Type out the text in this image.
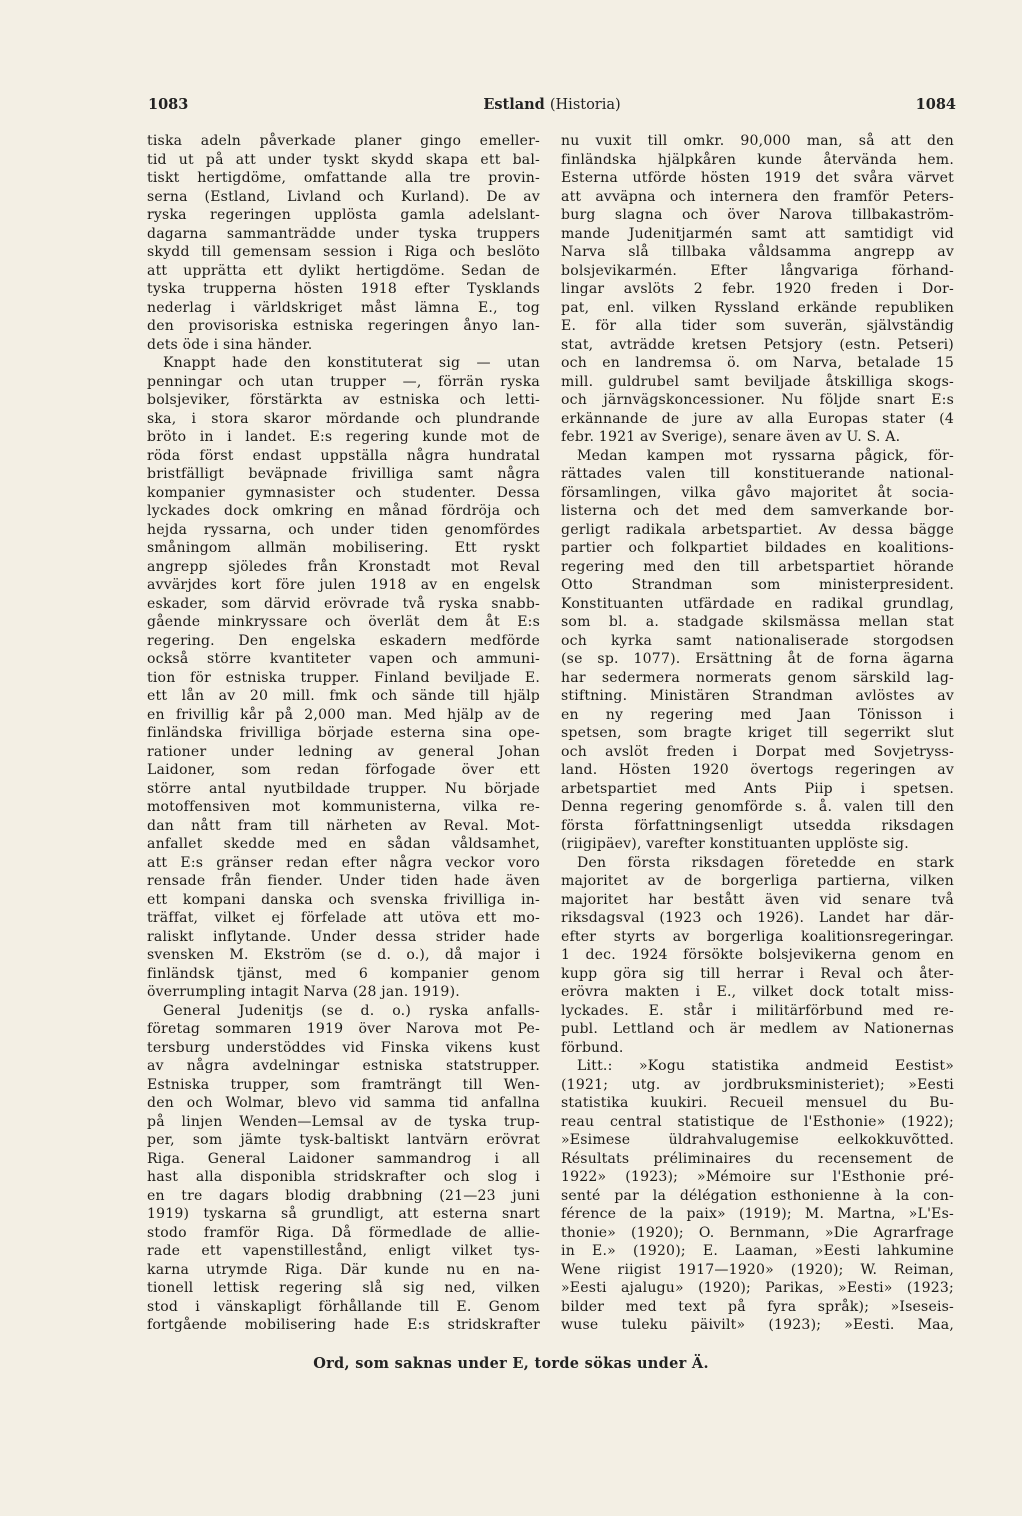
1083	Estland (Historia)	1084
tiska adeln påverkade planer gingo emeller-
tid ut på att under tyskt skydd skapa ett bal-
tiskt hertigdöme, omfattande alla tre provin-
serna (Estland, Livland och Kurland). De av
ryska regeringen upplösta gamla adelslant-
dagarna sammanträdde under tyska truppers
skydd till gemensam session i Riga och beslöto
att upprätta ett dylikt hertigdöme. Sedan de
tyska trupperna hösten 1918 efter Tysklands
nederlag i världskriget måst lämna E., tog
den provisoriska estniska regeringen ånyo lan-
dets öde i sina händer.
Knappt hade den konstituterat sig — utan
penningar och utan trupper —, förrän ryska
bolsjeviker, förstärkta av estniska och letti-
ska, i stora skaror mördande och plundrande
bröto in i landet. E:s regering kunde mot de
röda först endast uppställa några hundratal
bristfälligt beväpnade frivilliga samt några
kompanier gymnasister och studenter. Dessa
lyckades dock omkring en månad fördröja och
hejda ryssarna, och under tiden genomfördes
småningom allmän mobilisering. Ett ryskt
angrepp sjöledes från Kronstadt mot Reval
avvärjdes kort före julen 1918 av en engelsk
eskader, som därvid erövrade två ryska snabb-
gående minkryssare och överlät dem åt E:s
regering. Den engelska eskadern medförde
också större kvantiteter vapen och ammuni-
tion för estniska trupper. Finland beviljade E.
ett lån av 20 mill. fmk och sände till hjälp
en frivillig kår på 2,000 man. Med hjälp av de
finländska frivilliga började esterna sina ope-
rationer under ledning av general Johan
Laidoner, som redan förfogade över ett
större antal nyutbildade trupper. Nu började
motoffensiven mot kommunisterna, vilka re-
dan nått fram till närheten av Reval. Mot-
anfallet skedde med en sådan våldsamhet,
att E:s gränser redan efter några veckor voro
rensade från fiender. Under tiden hade även
ett kompani danska och svenska frivilliga in-
träffat, vilket ej förfelade att utöva ett mo-
raliskt inflytande. Under dessa strider hade
svensken M. Ekström (se d. o.), då major i
finländsk tjänst, med 6 kompanier genom
överrumpling intagit Narva (28 jan. 1919).
General Judenitjs (se d. o.) ryska anfalls-
företag sommaren 1919 över Narova mot Pe-
tersburg understöddes vid Finska vikens kust
av några avdelningar estniska statstrupper.
Estniska trupper, som framträngt till Wen-
den och Wolmar, blevo vid samma tid anfallna
på linjen Wenden—Lemsal av de tyska trup-
per, som jämte tysk-baltiskt lantvärn erövrat
Riga. General Laidoner sammandrog i all
hast alla disponibla stridskrafter och slog i
en tre dagars blodig drabbning (21—23 juni
1919) tyskarna så grundligt, att esterna snart
stodo framför Riga. Då förmedlade de allie-
rade ett vapenstillestånd, enligt vilket tys-
karna utrymde Riga. Där kunde nu en na-
tionell lettisk regering slå sig ned, vilken
stod i vänskapligt förhållande till E. Genom
fortgående mobilisering hade E:s stridskrafter
nu vuxit till omkr. 90,000 man, så att den
finländska hjälpkåren kunde återvända hem.
Esterna utförde hösten 1919 det svåra värvet
att avväpna och internera den framför Peters-
burg slagna och över Narova tillbakaström-
mande Judenitjarmén samt att samtidigt vid
Narva slå tillbaka våldsamma angrepp av
bolsjevikarmén. Efter långvariga förhand-
lingar avslöts 2 febr. 1920 freden i Dor-
pat, enl. vilken Ryssland erkände republiken
E. för alla tider som suverän, självständig
stat, avträdde kretsen Petsjory (estn. Petseri)
och en landremsa ö. om Narva, betalade 15
mill. guldrubel samt beviljade åtskilliga skogs-
och järnvägskoncessioner. Nu följde snart E:s
erkännande de jure av alla Europas stater (4
febr. 1921 av Sverige), senare även av U. S. A.
Medan kampen mot ryssarna pågick, för-
rättades valen till konstituerande national-
församlingen, vilka gåvo majoritet åt socia-
listerna och det med dem samverkande bor-
gerligt radikala arbetspartiet. Av dessa bägge
partier och folkpartiet bildades en koalitions-
regering med den till arbetspartiet hörande
Otto Strandman som ministerpresident.
Konstituanten utfärdade en radikal grundlag,
som bl. a. stadgade skilsmässa mellan stat
och kyrka samt nationaliserade storgodsen
(se sp. 1077). Ersättning åt de forna ägarna
har sedermera normerats genom särskild lag-
stiftning. Ministären Strandman avlöstes av
en ny regering med Jaan Tönisson i
spetsen, som bragte kriget till segerrikt slut
och avslöt freden i Dorpat med Sovjetryss-
land. Hösten 1920 övertogs regeringen av
arbetspartiet med Ants Piip i spetsen.
Denna regering genomförde s. å. valen till den
första författningsenligt utsedda riksdagen
(riigipäev), varefter konstituanten upplöste sig.
Den första riksdagen företedde en stark
majoritet av de borgerliga partierna, vilken
majoritet har bestått även vid senare två
riksdagsval (1923 och 1926). Landet har där-
efter styrts av borgerliga koalitionsregeringar.
1 dec. 1924 försökte bolsjevikerna genom en
kupp göra sig till herrar i Reval och åter-
erövra makten i E., vilket dock totalt miss-
lyckades. E. står i militärförbund med re-
publ. Lettland och är medlem av Nationernas
förbund.
Litt.: »Kogu statistika andmeid Eestist»
(1921; utg. av jordbruksministeriet); »Eesti
statistika kuukiri. Recueil mensuel du Bu-
reau central statistique de l'Esthonie» (1922);
»Esimese üldrahvalugemise eelkokkuvõtted.
Résultats préliminaires du recensement de
1922» (1923); »Mémoire sur l'Esthonie pré-
senté par la délégation esthonienne à la con-
férence de la paix» (1919); M. Martna, »L'Es-
thonie» (1920); O. Bernmann, »Die Agrarfrage
in E.» (1920); E. Laaman, »Eesti lahkumine
Wene riigist 1917—1920» (1920); W. Reiman,
»Eesti ajalugu» (1920); Parikas, »Eesti» (1923;
bilder med text på fyra språk); »Iseseis-
wuse tuleku päivilt» (1923); »Eesti. Maa,
Ord, som saknas under E, torde sökas under Ä.
